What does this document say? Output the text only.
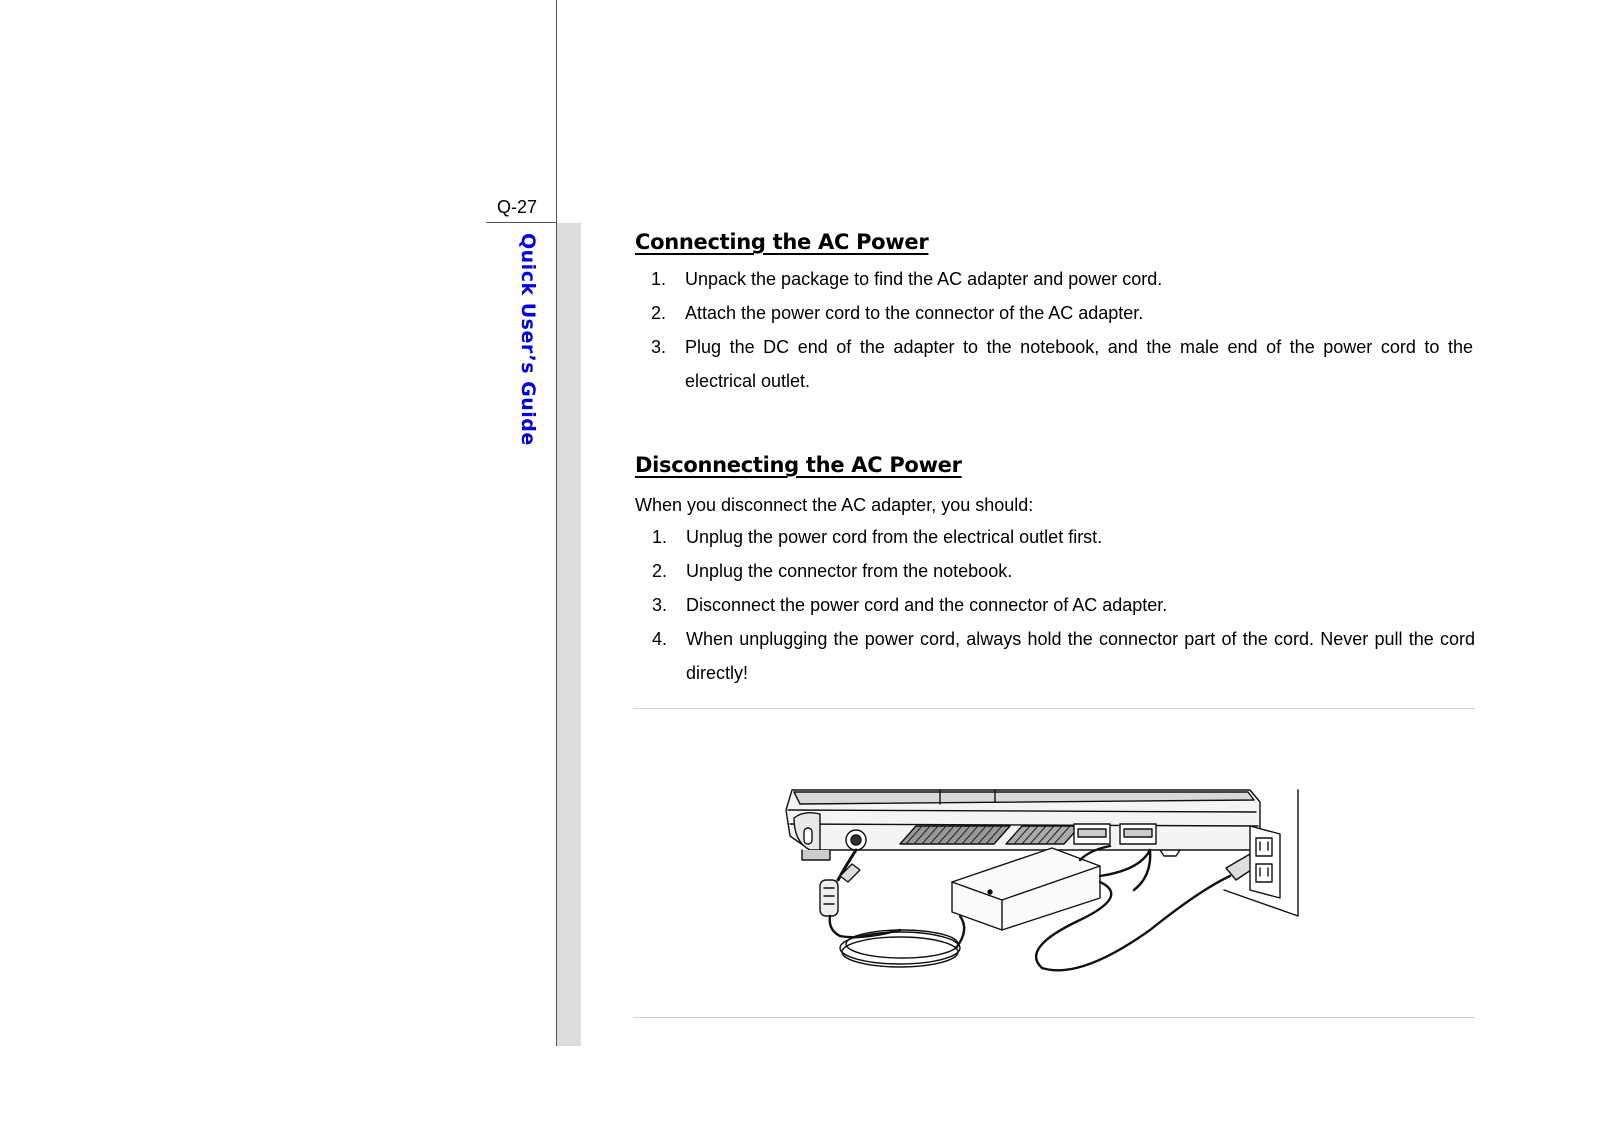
Q-27
Quick User’s Guide	Connecting the AC Power
1. Unpack the package to find the AC adapter and power cord.
2. Attach the power cord to the connector of the AC adapter.
3. Plug the DC end of the adapter to the notebook, and the male end of the power cord to the electrical outlet.
Disconnecting the AC Power

When you disconnect the AC adapter, you should:

1. Unplug the power cord from the electrical outlet first.
2. Unplug the connector from the notebook.
3. Disconnect the power cord and the connector of AC adapter.
4. When unplugging the power cord, always hold the connector part of the cord. Never pull the cord directly!
